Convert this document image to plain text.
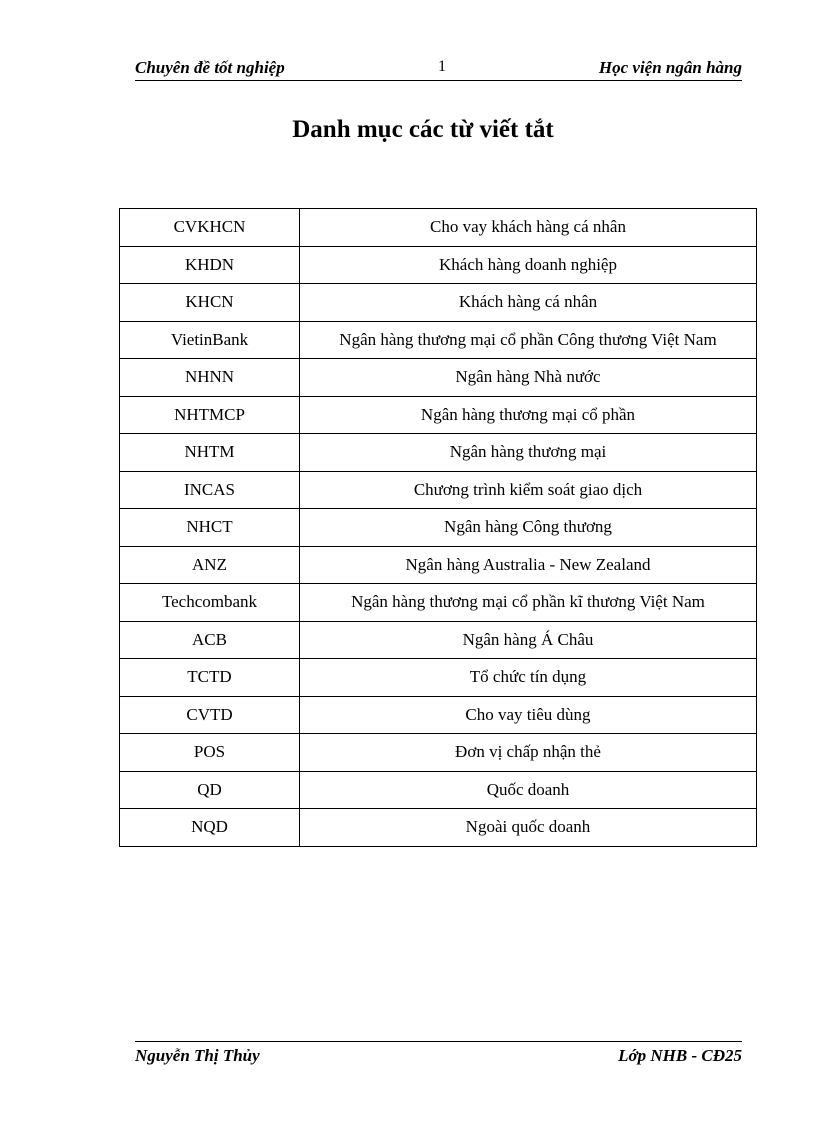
Chuyên đề tốt nghiệp	1	Học viện ngân hàng
Danh mục các từ viết tắt
CVKHCN	Cho vay khách hàng cá nhân
KHDN	Khách hàng doanh nghiệp
KHCN	Khách hàng cá nhân
VietinBank	Ngân hàng thương mại cổ phần Công thương Việt Nam
NHNN	Ngân hàng Nhà nước
NHTMCP	Ngân hàng thương mại cổ phần
NHTM	Ngân hàng thương mại
INCAS	Chương trình kiểm soát giao dịch
NHCT	Ngân hàng Công thương
ANZ	Ngân hàng Australia - New Zealand
Techcombank	Ngân hàng thương mại cổ phần kĩ thương Việt Nam
ACB	Ngân hàng Á Châu
TCTD	Tổ chức tín dụng
CVTD	Cho vay tiêu dùng
POS	Đơn vị chấp nhận thẻ
QD	Quốc doanh
NQD	Ngoài quốc doanh
Nguyễn Thị Thủy	Lớp NHB - CĐ25
